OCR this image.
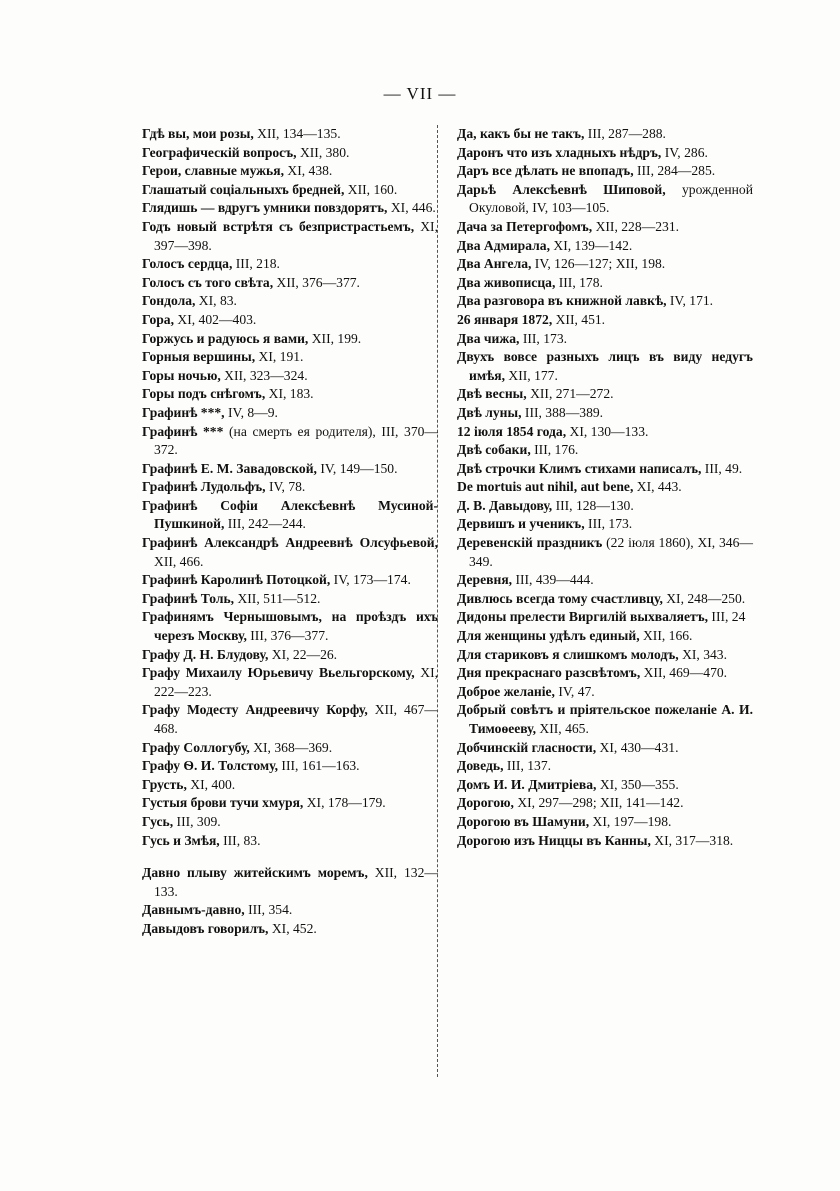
— VII —
Гдѣ вы, мои розы, XII, 134—135.
Географическій вопросъ, XII, 380.
Герои, славные мужья, XI, 438.
Глашатый соціальныхъ бредней, XII, 160.
Глядишь — вдругъ умники повздорятъ, XI, 446.
Годъ новый встрѣтя съ безпристрастьемъ, XI, 397—398.
Голосъ сердца, III, 218.
Голосъ съ того свѣта, XII, 376—377.
Гондола, XI, 83.
Гора, XI, 402—403.
Горжусь и радуюсь я вами, XII, 199.
Горныя вершины, XI, 191.
Горы ночью, XII, 323—324.
Горы подъ снѣгомъ, XI, 183.
Графинѣ ***, IV, 8—9.
Графинѣ *** (на смерть ея родителя), III, 370—372.
Графинѣ Е. М. Завадовской, IV, 149—150.
Графинѣ Лудольфъ, IV, 78.
Графинѣ Софіи Алексѣевнѣ Мусиной-Пушкиной, III, 242—244.
Графинѣ Александрѣ Андреевнѣ Олсуфьевой, XII, 466.
Графинѣ Каролинѣ Потоцкой, IV, 173—174.
Графинѣ Толь, XII, 511—512.
Графинямъ Чернышовымъ, на проѣздъ ихъ черезъ Москву, III, 376—377.
Графу Д. Н. Блудову, XI, 22—26.
Графу Михаилу Юрьевичу Вьельгорскому, XI, 222—223.
Графу Модесту Андреевичу Корфу, XII, 467—468.
Графу Соллогубу, XI, 368—369.
Графу Ѳ. И. Толстому, III, 161—163.
Грусть, XI, 400.
Густыя брови тучи хмуря, XI, 178—179.
Гусь, III, 309.
Гусь и Змѣя, III, 83.
Давно плыву житейскимъ моремъ, XII, 132—133.
Давнымъ-давно, III, 354.
Давыдовъ говорилъ, XI, 452.
Да, какъ бы не такъ, III, 287—288.
Даронъ что изъ хладныхъ нѣдръ, IV, 286.
Даръ все дѣлать не впопадъ, III, 284—285.
Дарьѣ Алексѣевнѣ Шиповой, урожденной Окуловой, IV, 103—105.
Дача за Петергофомъ, XII, 228—231.
Два Адмирала, XI, 139—142.
Два Ангела, IV, 126—127; XII, 198.
Два живописца, III, 178.
Два разговора въ книжной лавкѣ, IV, 171.
26 января 1872, XII, 451.
Два чижа, III, 173.
Двухъ вовсе разныхъ лицъ въ виду недугъ имѣя, XII, 177.
Двѣ весны, XII, 271—272.
Двѣ луны, III, 388—389.
12 іюля 1854 года, XI, 130—133.
Двѣ собаки, III, 176.
Двѣ строчки Климъ стихами написалъ, III, 49.
De mortuis aut nihil, aut bene, XI, 443.
Д. В. Давыдову, III, 128—130.
Дервишъ и ученикъ, III, 173.
Деревенскій праздникъ (22 іюля 1860), XI, 346—349.
Деревня, III, 439—444.
Дивлюсь всегда тому счастливцу, XI, 248—250.
Дидоны прелести Виргилій выхваляетъ, III, 24
Для женщины удѣлъ единый, XII, 166.
Для стариковъ я слишкомъ молодъ, XI, 343.
Дня прекраснаго разсвѣтомъ, XII, 469—470.
Доброе желаніе, IV, 47.
Добрый совѣтъ и пріятельское пожеланіе А. И. Тимоѳееву, XII, 465.
Добчинскій гласности, XI, 430—431.
Доведь, III, 137.
Домъ И. И. Дмитріева, XI, 350—355.
Дорогою, XI, 297—298; XII, 141—142.
Дорогою въ Шамуни, XI, 197—198.
Дорогою изъ Ниццы въ Канны, XI, 317—318.
